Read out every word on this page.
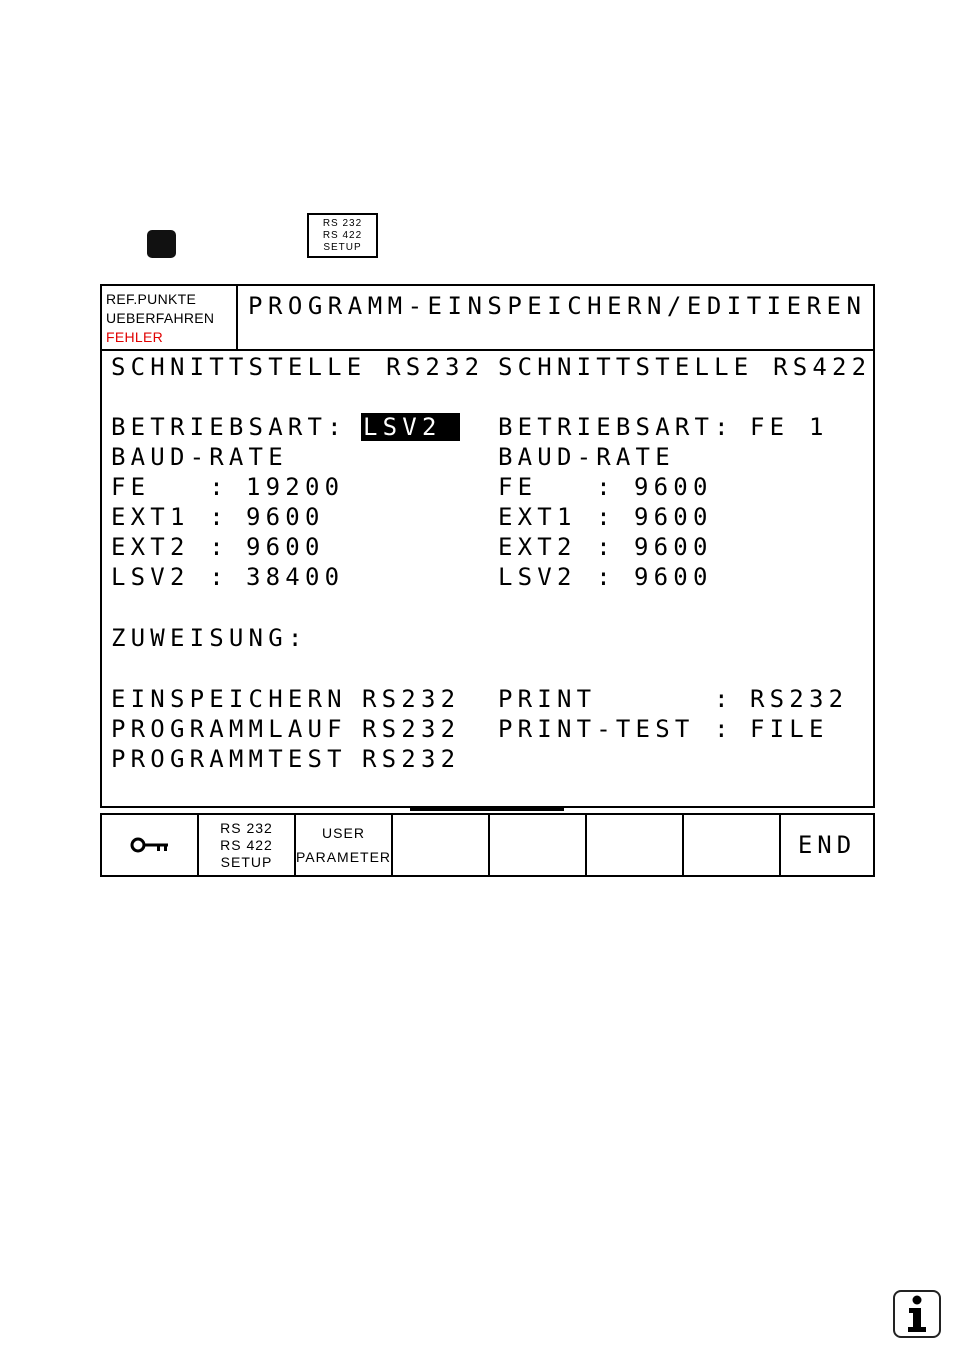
RS 232
RS 422
SETUP
REF.PUNKTE
UEBERFAHREN
FEHLER
PROGRAMM-EINSPEICHERN/EDITIEREN
SCHNITTSTELLE RS232
BETRIEBSART: LSV2
BAUD-RATE
FE   : 19200
EXT1 : 9600
EXT2 : 9600
LSV2 : 38400
SCHNITTSTELLE RS422
BETRIEBSART: FE 1
BAUD-RATE
FE   : 9600
EXT1 : 9600
EXT2 : 9600
LSV2 : 9600
ZUWEISUNG:
EINSPEICHERN RS232
PROGRAMMLAUF RS232
PROGRAMMTEST RS232
PRINT      : RS232
PRINT-TEST : FILE
RS 232
RS 422
SETUP
USER
PARAMETER	END
